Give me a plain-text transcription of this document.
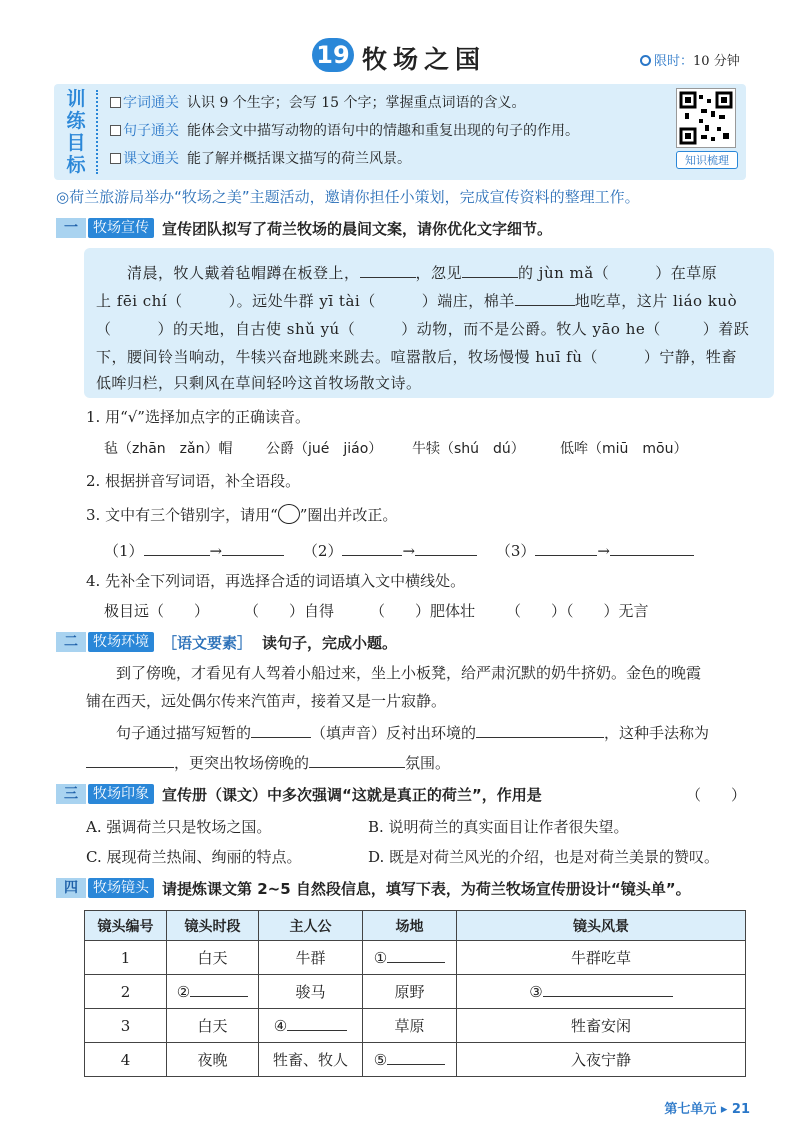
19 牧场之国	限时：10 分钟
训练目标
字词通关 认识 9 个生字；会写 15 个字；掌握重点词语的含义。
句子通关 能体会文中描写动物的语句中的情趣和重复出现的句子的作用。
课文通关 能了解并概括课文描写的荷兰风景。	知识梳理
◎荷兰旅游局举办“牧场之美”主题活动，邀请你担任小策划，完成宣传资料的整理工作。
一	牧场宣传 宣传团队拟写了荷兰牧场的晨间文案，请你优化文字细节。
　　清晨，牧人戴着毡帽蹲在板登上，	，忽见	的 jùn mǎ（	）在草原
上 fēi chí（	）。远处牛群 yī tài（	）端庄，棉羊	地吃草，这片 liáo kuò
（	）的天地，自古使 shǔ yú（	）动物，而不是公爵。牧人 yāo he（	）着跃
下，腰间铃当响动，牛犊兴奋地跳来跳去。喧嚣散后，牧场慢慢 huī fù（	）宁静，牲畜
低哞归栏，只剩风在草间轻吟这首牧场散文诗。
1. 用“√”选择加点字的正确读音。
毡（zhān　zǎn）帽 公爵（jué　jiáo） 牛犊（shú　dú）	低哞（miū　mōu）
2. 根据拼音写词语，补全语段。
3. 文中有三个错别字，请用“ ”圈出并改正。
（1）	→	（2）	→	（3）	→
4. 先补全下列词语，再选择合适的词语填入文中横线处。
极目远（　　） （　　）自得 （　　）肥体壮 （　　）（　　）无言
二	牧场环境 ［语文要素］ 读句子，完成小题。
　　到了傍晚，才看见有人驾着小船过来，坐上小板凳，给严肃沉默的奶牛挤奶。金色的晚霞
铺在西天，远处偶尔传来汽笛声，接着又是一片寂静。
　　句子通过描写短暂的	（填声音）反衬出环境的	，这种手法称为
，更突出牧场傍晚的	氛围。
三	牧场印象 宣传册（课文）中多次强调“这就是真正的荷兰”，作用是	（　　）
A. 强调荷兰只是牧场之国。	B. 说明荷兰的真实面目让作者很失望。
C. 展现荷兰热闹、绚丽的特点。	D. 既是对荷兰风光的介绍，也是对荷兰美景的赞叹。
四	牧场镜头 请提炼课文第 2~5 自然段信息，填写下表，为荷兰牧场宣传册设计“镜头单”。
镜头编号	镜头时段	主人公	场地	镜头风景
1	白天	牛群	①	牛群吃草
2	②	骏马	原野	③
3	白天	④	草原	牲畜安闲
4	夜晚	牲畜、牧人	⑤	入夜宁静
第七单元 ▸ 21
